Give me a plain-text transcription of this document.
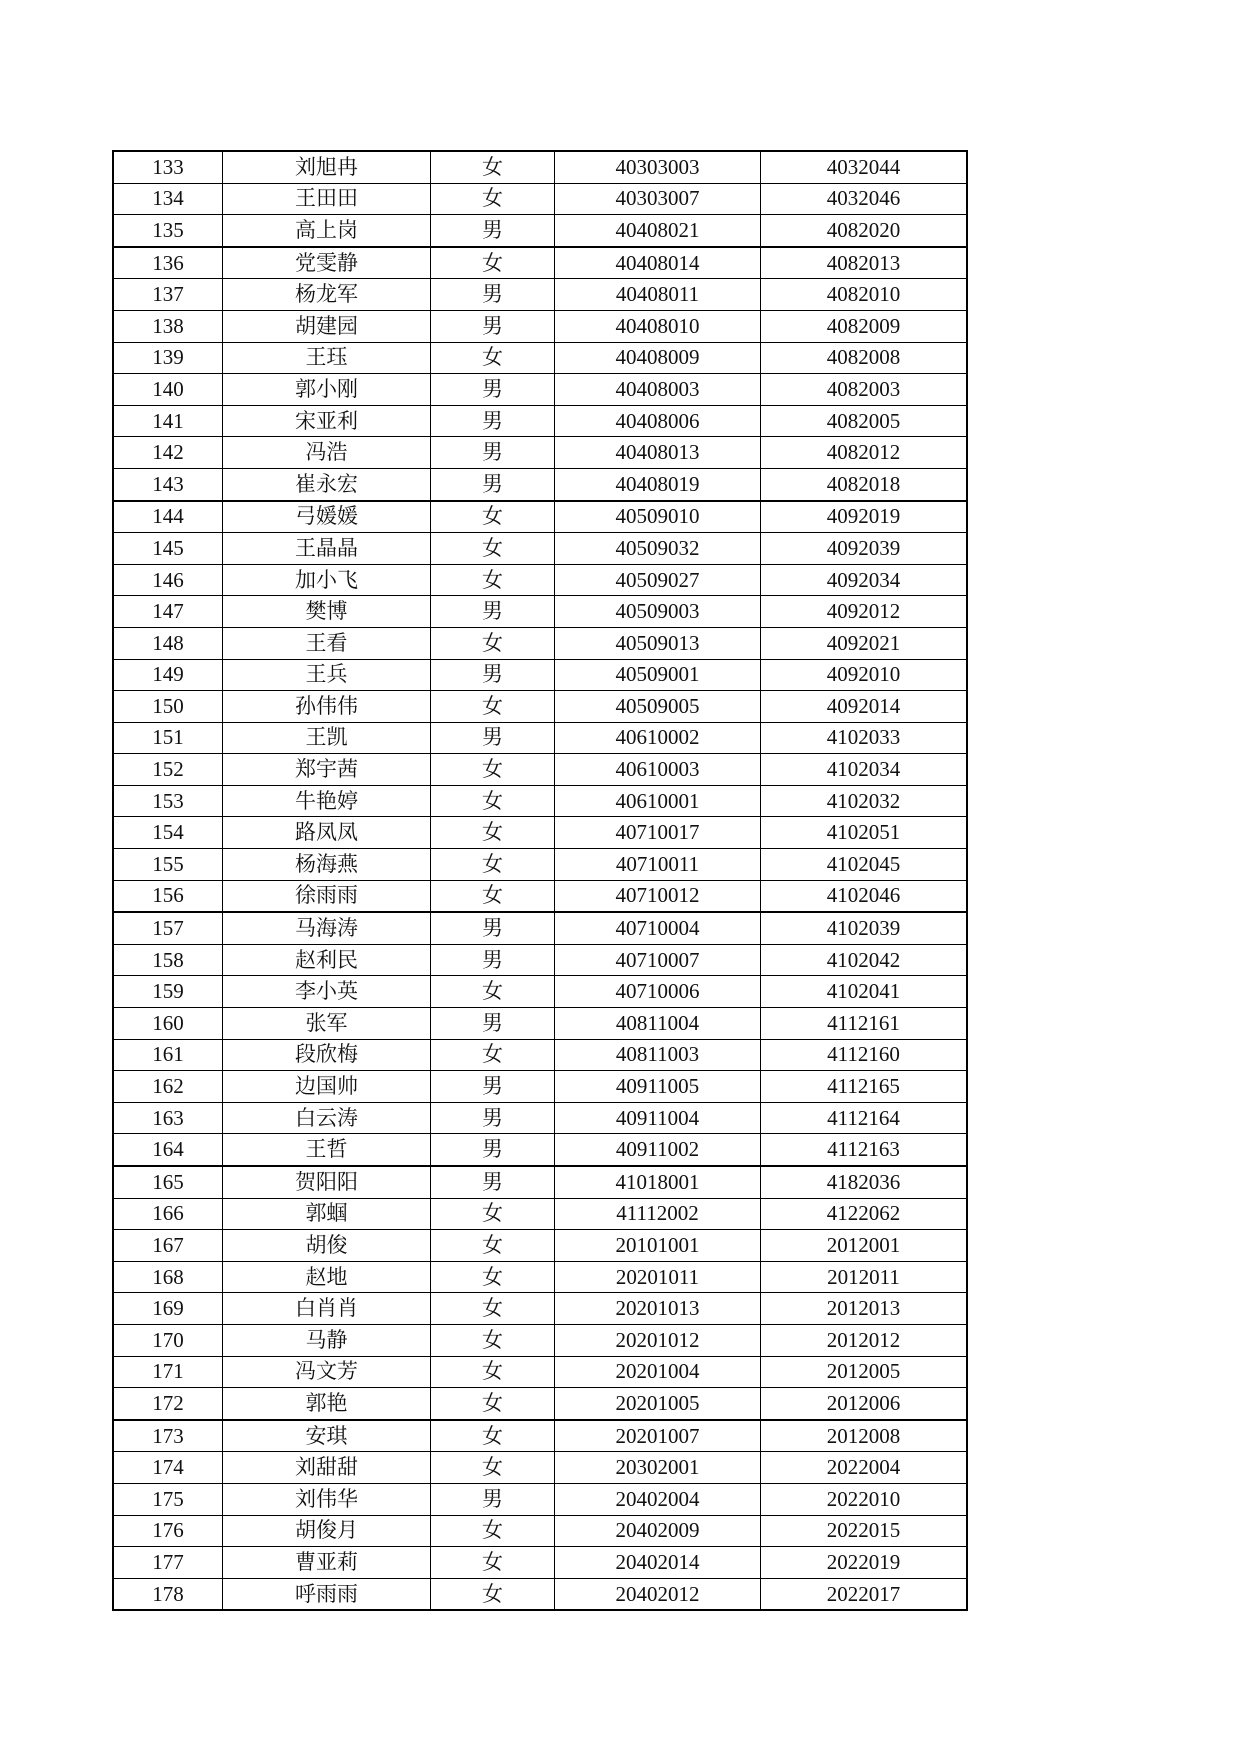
133	刘旭冉	女	40303003	4032044
134	王田田	女	40303007	4032046
135	高上岗	男	40408021	4082020
136	党雯静	女	40408014	4082013
137	杨龙军	男	40408011	4082010
138	胡建园	男	40408010	4082009
139	王珏	女	40408009	4082008
140	郭小刚	男	40408003	4082003
141	宋亚利	男	40408006	4082005
142	冯浩	男	40408013	4082012
143	崔永宏	男	40408019	4082018
144	弓媛媛	女	40509010	4092019
145	王晶晶	女	40509032	4092039
146	加小飞	女	40509027	4092034
147	樊博	男	40509003	4092012
148	王看	女	40509013	4092021
149	王兵	男	40509001	4092010
150	孙伟伟	女	40509005	4092014
151	王凯	男	40610002	4102033
152	郑宇茜	女	40610003	4102034
153	牛艳婷	女	40610001	4102032
154	路凤凤	女	40710017	4102051
155	杨海燕	女	40710011	4102045
156	徐雨雨	女	40710012	4102046
157	马海涛	男	40710004	4102039
158	赵利民	男	40710007	4102042
159	李小英	女	40710006	4102041
160	张军	男	40811004	4112161
161	段欣梅	女	40811003	4112160
162	边国帅	男	40911005	4112165
163	白云涛	男	40911004	4112164
164	王哲	男	40911002	4112163
165	贺阳阳	男	41018001	4182036
166	郭蝈	女	41112002	4122062
167	胡俊	女	20101001	2012001
168	赵地	女	20201011	2012011
169	白肖肖	女	20201013	2012013
170	马静	女	20201012	2012012
171	冯文芳	女	20201004	2012005
172	郭艳	女	20201005	2012006
173	安琪	女	20201007	2012008
174	刘甜甜	女	20302001	2022004
175	刘伟华	男	20402004	2022010
176	胡俊月	女	20402009	2022015
177	曹亚莉	女	20402014	2022019
178	呼雨雨	女	20402012	2022017
